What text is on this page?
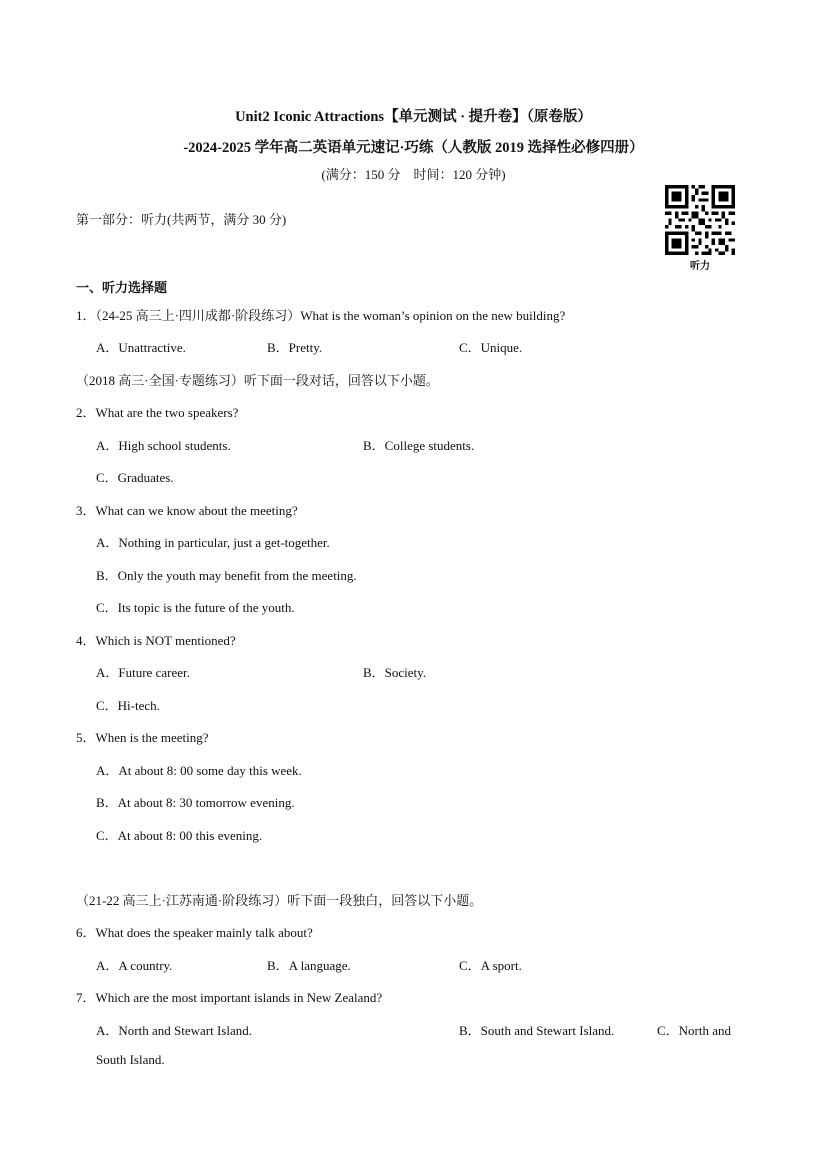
Unit2 Iconic Attractions【单元测试 · 提升卷】（原卷版）
-2024-2025 学年高二英语单元速记·巧练（人教版 2019 选择性必修四册）
(满分：150 分　时间：120 分钟)
第一部分：听力(共两节，满分 30 分)
听力
一、听力选择题
1．（24-25 高三上·四川成都·阶段练习）What is the woman’s opinion on the new building?
A．Unattractive.	B．Pretty.	C．Unique.
（2018 高三·全国·专题练习）听下面一段对话，回答以下小题。
2．What are the two speakers?
A．High school students.	B．College students.
C．Graduates.
3．What can we know about the meeting?
A．Nothing in particular, just a get-together.
B．Only the youth may benefit from the meeting.
C．Its topic is the future of the youth.
4．Which is NOT mentioned?
A．Future career.	B．Society.
C．Hi-tech.
5．When is the meeting?
A．At about 8: 00 some day this week.
B．At about 8: 30 tomorrow evening.
C．At about 8: 00 this evening.
（21-22 高三上·江苏南通·阶段练习）听下面一段独白，回答以下小题。
6．What does the speaker mainly talk about?
A．A country.	B．A language.	C．A sport.
7．Which are the most important islands in New Zealand?
A．North and Stewart Island.	B．South and Stewart Island.	C．North and
South Island.
